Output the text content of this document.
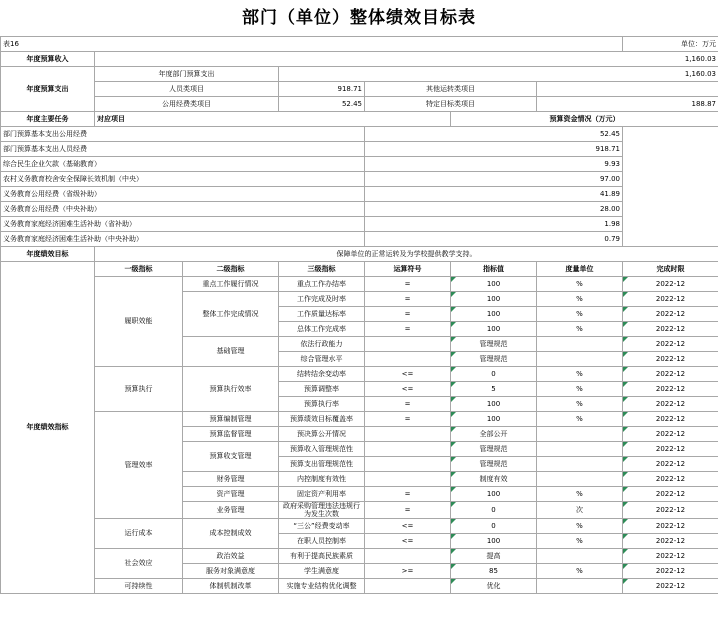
部门（单位）整体绩效目标表
表16							单位：万元
年度预算收入	1,160.03						
年度预算支出	年度部门预算支出		1,160.03				
	人员类项目		918.71	其他运转类项目			
	公用经费类项目		52.45	特定目标类项目		188.87	
年度主要任务	对应项目				预算资金情况（万元）		
部门预算基本支出公用经费				52.45			
部门预算基本支出人员经费				918.71			
综合民生企业欠款（基础教育）				9.93			
农村义务教育校舍安全保障长效机制（中央）				97.00			
义务教育公用经费（省级补助）				41.89			
义务教育公用经费（中央补助）				28.00			
义务教育家庭经济困难生活补助（省补助）				1.98			
义务教育家庭经济困难生活补助（中央补助）				0.79			
年度绩效目标	保障单位的正常运转及为学校提供教学支持。						
年度绩效指标	一级指标	二级指标	三级指标	运算符号	指标值	度量单位	完成时限
	履职效能	重点工作履行情况	重点工作办结率	=	100	%	2022-12
		整体工作完成情况	工作完成及时率	=	100	%	2022-12
			工作质量达标率	=	100	%	2022-12
			总体工作完成率	=	100	%	2022-12
		基础管理	依法行政能力		管理规范		2022-12
			综合管理水平		管理规范		2022-12
	预算执行	预算执行效率	结转结余变动率	<=	0	%	2022-12
			预算调整率	<=	5	%	2022-12
			预算执行率	=	100	%	2022-12
	管理效率	预算编制管理	预算绩效目标覆盖率	=	100	%	2022-12
		预算监督管理	预决算公开情况		全部公开		2022-12
		预算收支管理	预算收入管理规范性		管理规范		2022-12
			预算支出管理规范性		管理规范		2022-12
		财务管理	内控制度有效性		制度有效		2022-12
		资产管理	固定资产利用率	=	100	%	2022-12
		业务管理	政府采购管理违法违规行为发生次数	=	0	次	2022-12
	运行成本	成本控制成效	“三公”经费变动率	<=	0	%	2022-12
			在职人员控制率	<=	100	%	2022-12
	社会效应	政治效益	有利于提高民族素质		提高		2022-12
		服务对象满意度	学生满意度	>=	85	%	2022-12
	可持续性	体制机制改革	实施专业结构优化调整		优化		2022-12
